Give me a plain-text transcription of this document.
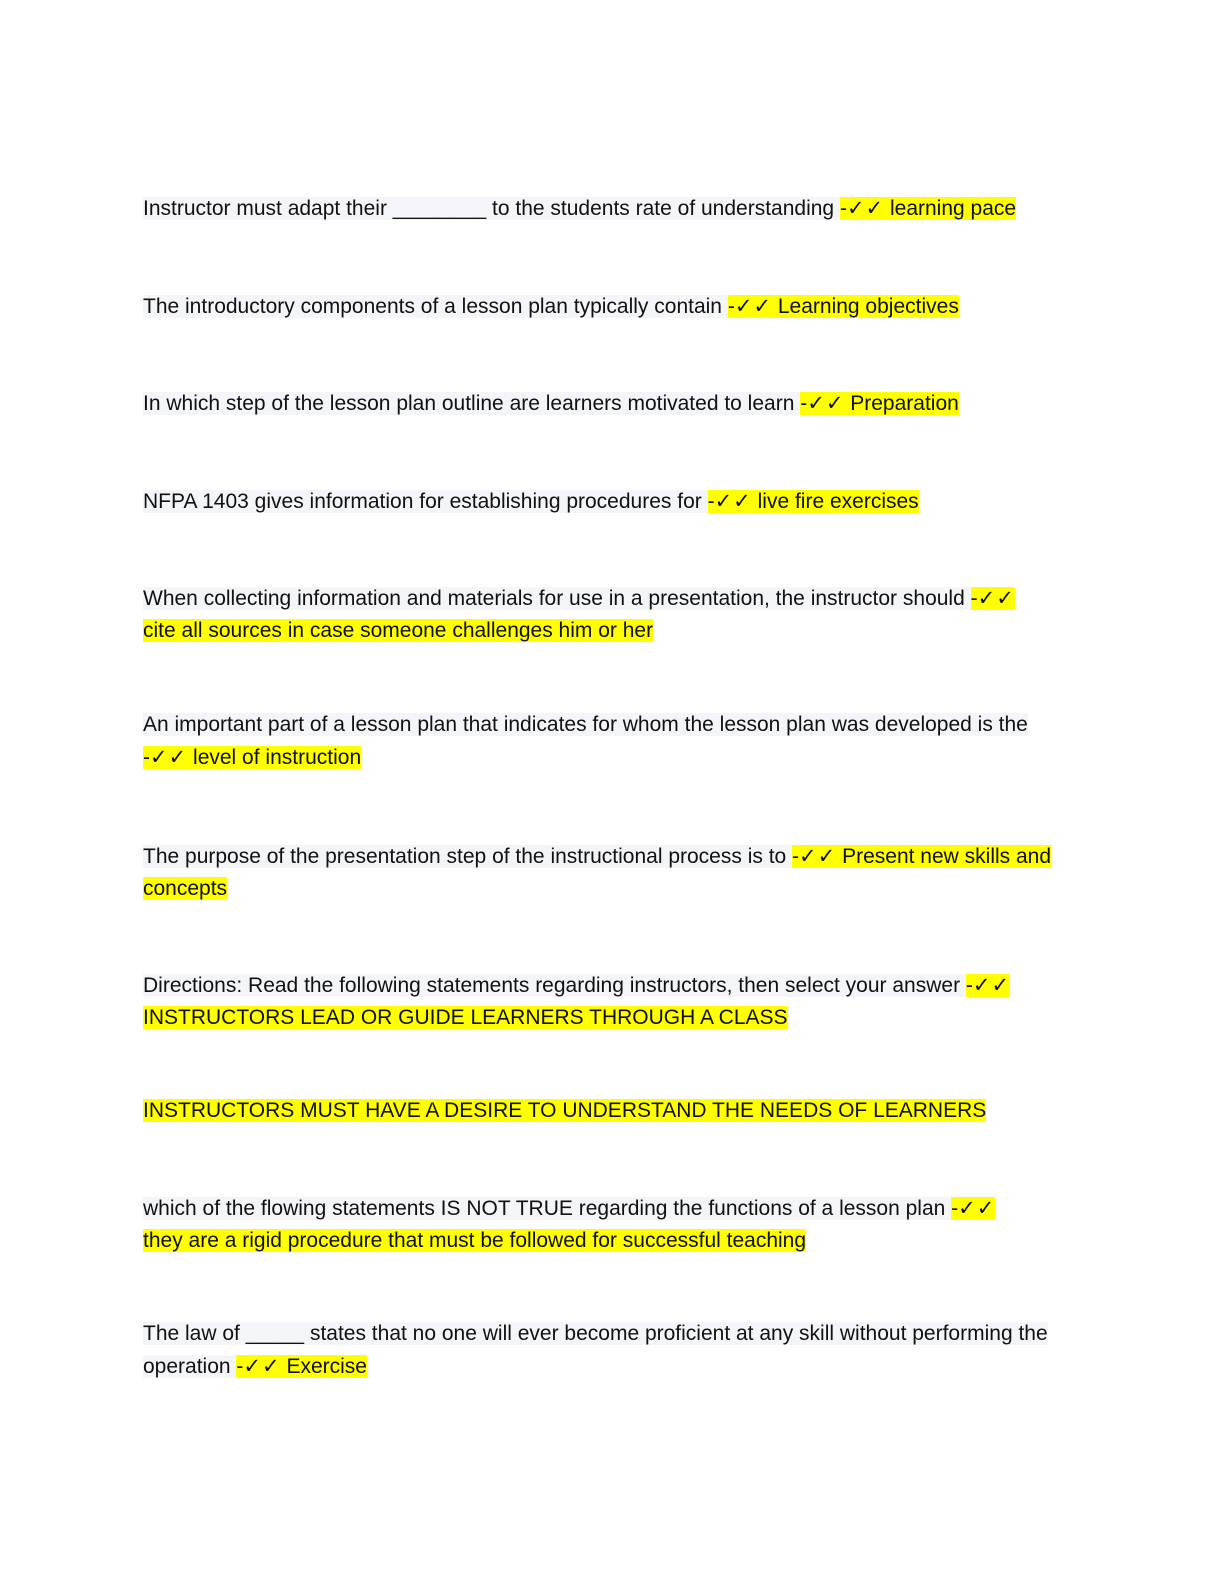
Instructor must adapt their ________ to the students rate of understanding -✓✓ learning pace
The introductory components of a lesson plan typically contain -✓✓ Learning objectives
In which step of the lesson plan outline are learners motivated to learn -✓✓ Preparation
NFPA 1403 gives information for establishing procedures for -✓✓ live fire exercises
When collecting information and materials for use in a presentation, the instructor should -✓✓
cite all sources in case someone challenges him or her
An important part of a lesson plan that indicates for whom the lesson plan was developed is the
-✓✓ level of instruction
The purpose of the presentation step of the instructional process is to -✓✓ Present new skills and concepts
Directions: Read the following statements regarding instructors, then select your answer -✓✓
INSTRUCTORS LEAD OR GUIDE LEARNERS THROUGH A CLASS
INSTRUCTORS MUST HAVE A DESIRE TO UNDERSTAND THE NEEDS OF LEARNERS
which of the flowing statements IS NOT TRUE regarding the functions of a lesson plan -✓✓
they are a rigid procedure that must be followed for successful teaching
The law of _____ states that no one will ever become proficient at any skill without performing the operation -✓✓ Exercise
